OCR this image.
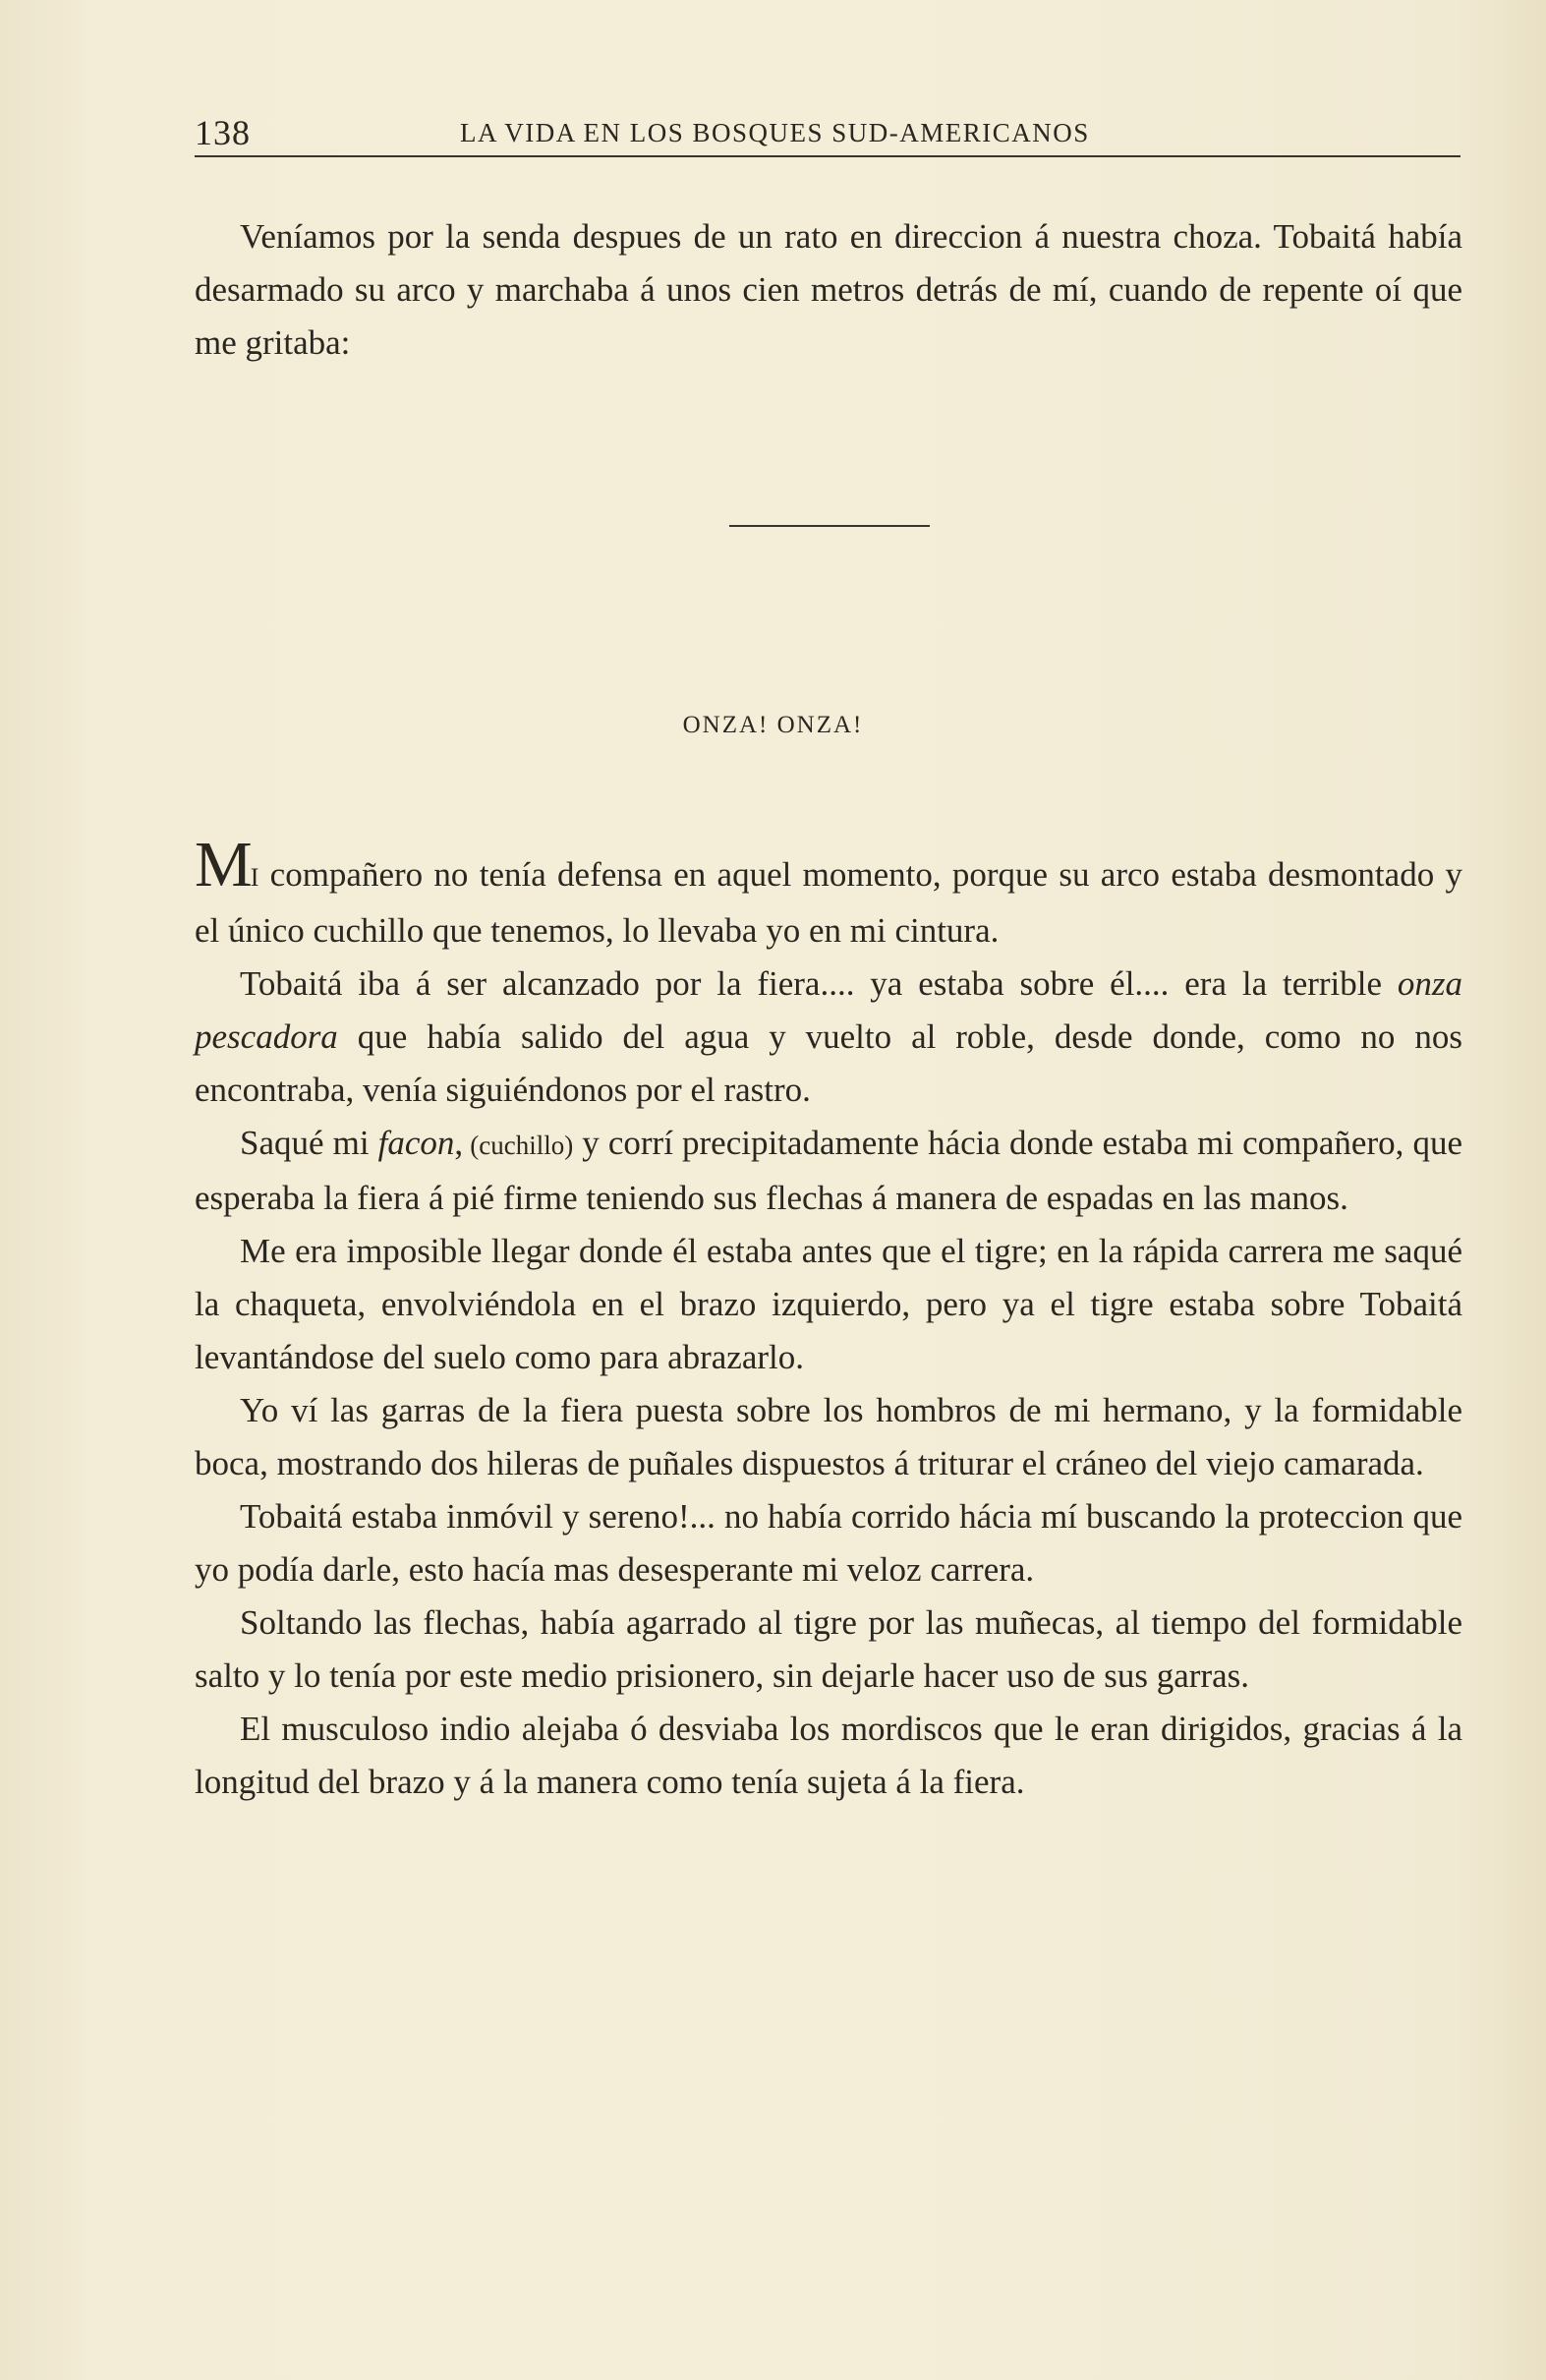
138	LA VIDA EN LOS BOSQUES SUD-AMERICANOS

Veníamos por la senda despues de un rato en direccion á nuestra choza. Tobaitá había desarmado su arco y marchaba á unos cien metros detrás de mí, cuando de repente oí que me gritaba:

ONZA! ONZA!

MI compañero no tenía defensa en aquel momento, porque su arco estaba desmontado y el único cuchillo que tenemos, lo llevaba yo en mi cintura.

Tobaitá iba á ser alcanzado por la fiera.... ya estaba sobre él.... era la terrible onza pescadora que había salido del agua y vuelto al roble, desde donde, como no nos encontraba, venía siguiéndonos por el rastro.

Saqué mi facon, (cuchillo) y corrí precipitadamente hácia donde estaba mi compañero, que esperaba la fiera á pié firme teniendo sus flechas á manera de espadas en las manos.

Me era imposible llegar donde él estaba antes que el tigre; en la rápida carrera me saqué la chaqueta, envolviéndola en el brazo izquierdo, pero ya el tigre estaba sobre Tobaitá levantándose del suelo como para abrazarlo.

Yo ví las garras de la fiera puesta sobre los hombros de mi hermano, y la formidable boca, mostrando dos hileras de puñales dispuestos á triturar el cráneo del viejo camarada.

Tobaitá estaba inmóvil y sereno!... no había corrido hácia mí buscando la proteccion que yo podía darle, esto hacía mas desesperante mi veloz carrera.

Soltando las flechas, había agarrado al tigre por las muñecas, al tiempo del formidable salto y lo tenía por este medio prisionero, sin dejarle hacer uso de sus garras.

El musculoso indio alejaba ó desviaba los mordiscos que le eran dirigidos, gracias á la longitud del brazo y á la manera como tenía sujeta á la fiera.
